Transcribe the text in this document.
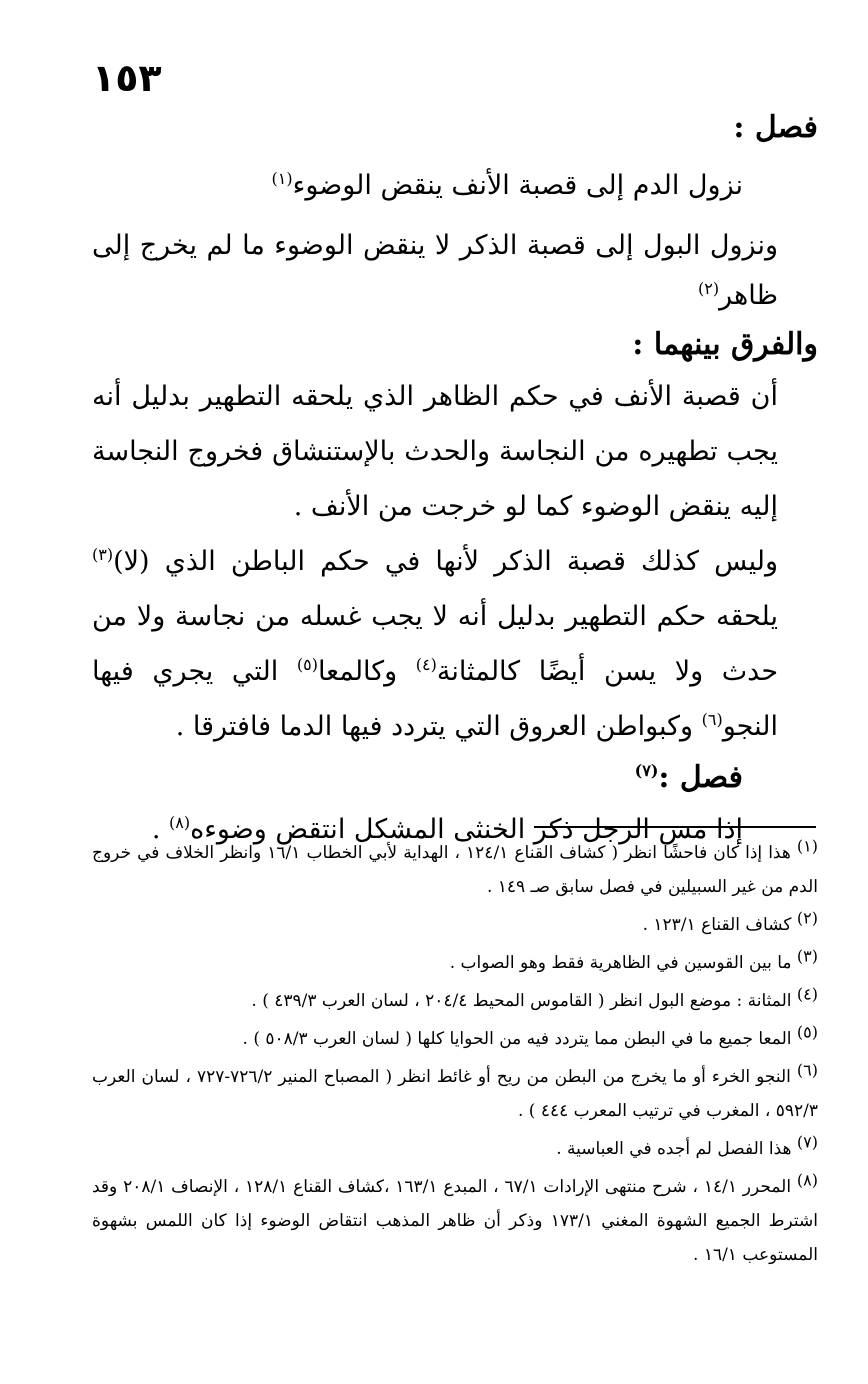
١٥٣
فصل :
نزول الدم إلى قصبة الأنف ينقض الوضوء$^{(١)}$
ونزول البول إلى قصبة الذكر لا ينقض الوضوء ما لم يخرج إلى ظاهر$^{(٢)}$
والفرق بينهما :
أن قصبة الأنف في حكم الظاهر الذي يلحقه التطهير بدليل أنه يجب تطهيره من النجاسة والحدث بالإستنشاق فخروج النجاسة إليه ينقض الوضوء كما لو خرجت من الأنف .
وليس كذلك قصبة الذكر لأنها في حكم الباطن الذي (لا)$^{(٣)}$ يلحقه حكم التطهير بدليل أنه لا يجب غسله من نجاسة ولا من حدث ولا يسن أيضًا كالمثانة$^{(٤)}$ وكالمعا$^{(٥)}$ التي يجري فيها النجو$^{(٦)}$ وكبواطن العروق التي يتردد فيها الدما فافترقا .
فصل :$^{(٧)}$
إذا مس الرجل ذكر الخنثى المشكل انتقض وضوءه$^{(٨)}$ .
$^{(١)}$ هذا إذا كان فاحشًا انظر ( كشاف القناع ١٢٤/١ ، الهداية لأبي الخطاب ١٦/١ وانظر الخلاف في خروج الدم من غير السبيلين في فصل سابق صـ ١٤٩ .
$^{(٢)}$ كشاف القناع ١٢٣/١ .
$^{(٣)}$ ما بين القوسين في الظاهرية فقط وهو الصواب .
$^{(٤)}$ المثانة : موضع البول انظر ( القاموس المحيط ٢٠٤/٤ ، لسان العرب ٤٣٩/٣ ) .
$^{(٥)}$ المعا جميع ما في البطن مما يتردد فيه من الحوايا كلها ( لسان العرب ٥٠٨/٣ ) .
$^{(٦)}$ النجو الخرء أو ما يخرج من البطن من ريح أو غائط انظر ( المصباح المنير ٧٢٦/٢-٧٢٧ ، لسان العرب ٥٩٢/٣ ، المغرب في ترتيب المعرب ٤٤٤ ) .
$^{(٧)}$ هذا الفصل لم أجده في العباسية .
$^{(٨)}$ المحرر ١٤/١ ، شرح منتهى الإرادات ٦٧/١ ، المبدع ١٦٣/١ ،كشاف القناع ١٢٨/١ ، الإنصاف ٢٠٨/١ وقد اشترط الجميع الشهوة المغني ١٧٣/١ وذكر أن ظاهر المذهب انتقاض الوضوء إذا كان اللمس بشهوة المستوعب ١٦/١ .
